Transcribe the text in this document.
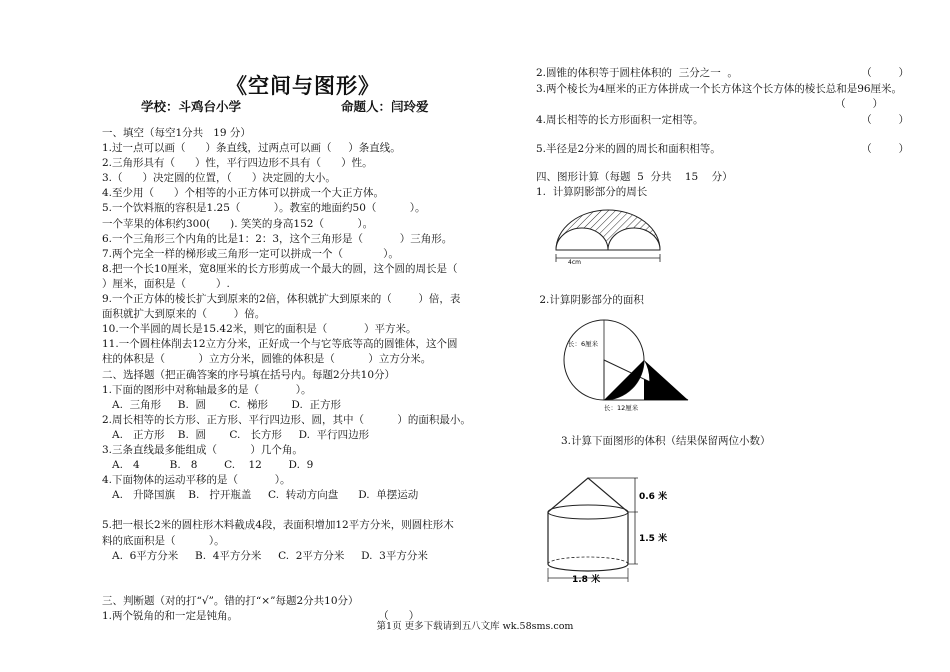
《空间与图形》
学校：斗鸡台小学	命题人：闫玲爱
一、填空（每空1分共   19 分）
1.过一点可以画（      ）条直线，过两点可以画（     ）条直线。
2.三角形具有（      ）性，平行四边形不具有（      ）性。
3.（      ）决定圆的位置，（      ）决定圆的大小。
4.至少用（      ）个相等的小正方体可以拼成一个大正方体。
5.一个饮料瓶的容积是1.25（          ）。教室的地面约50（          ）。
一个苹果的体积约300(      ). 笑笑的身高152（          ）。
6.一个三角形三个内角的比是1：2：3，这个三角形是（           ）三角形。
7.两个完全一样的梯形或三角形一定可以拼成一个（            ）。
8.把一个长10厘米，宽8厘米的长方形剪成一个最大的圆，这个圆的周长是（
）厘米，面积是（         ）.
9.一个正方体的棱长扩大到原来的2倍，体积就扩大到原来的（        ）倍，表
面积就扩大到原来的（        ）倍。
10.一个半圆的周长是15.42米，则它的面积是（           ）平方米。
11.一个圆柱体削去12立方分米，正好成一个与它等底等高的圆锥体，这个圆
柱的体积是（          ）立方分米，圆锥的体积是（          ）立方分米。
二、选择题（把正确答案的序号填在括号内。每题2分共10分）
1.下面的图形中对称轴最多的是（           ）。
A.  三角形     B.  圆       C.  梯形       D.  正方形
2.周长相等的长方形、正方形、平行四边形、圆，其中（          ）的面积最小。
A.   正方形    B.  圆       C.   长方形     D.  平行四边形
3.三条直线最多能组成（          ）几个角。
A.   4         B.   8        C.    12        D.  9
4.下面物体的运动平移的是（           ）。
A.   升降国旗    B.   拧开瓶盖     C.  转动方向盘      D.  单摆运动
5.把一根长2米的圆柱形木料截成4段，表面积增加12平方分米，则圆柱形木
料的底面积是（          ）。
A.  6平方分米     B.  4平方分米     C.  2平方分米     D.  3平方分米
三、判断题（对的打“√”。错的打“×”每题2分共10分）
1.两个锐角的和一定是钝角。                                          （      ）
2.圆锥的体积等于圆柱体积的  三分之一  。	（        ）
3.两个棱长为4厘米的正方体拼成一个长方体这个长方体的棱长总和是96厘米。
（        ）
4.周长相等的长方形面积一定相等。	（        ）
5.半径是2分米的圆的周长和面积相等。	（        ）
四、图形计算（每题  5  分共    15    分）
1.  计算阴影部分的周长
2.计算阴影部分的面积
3.计算下面图形的体积（结果保留两位小数）
4cm
长：6厘米
长：12厘米
0.6 米
1.5 米
1.8 米
第1页 更多下载请到五八文库 wk.58sms.com
